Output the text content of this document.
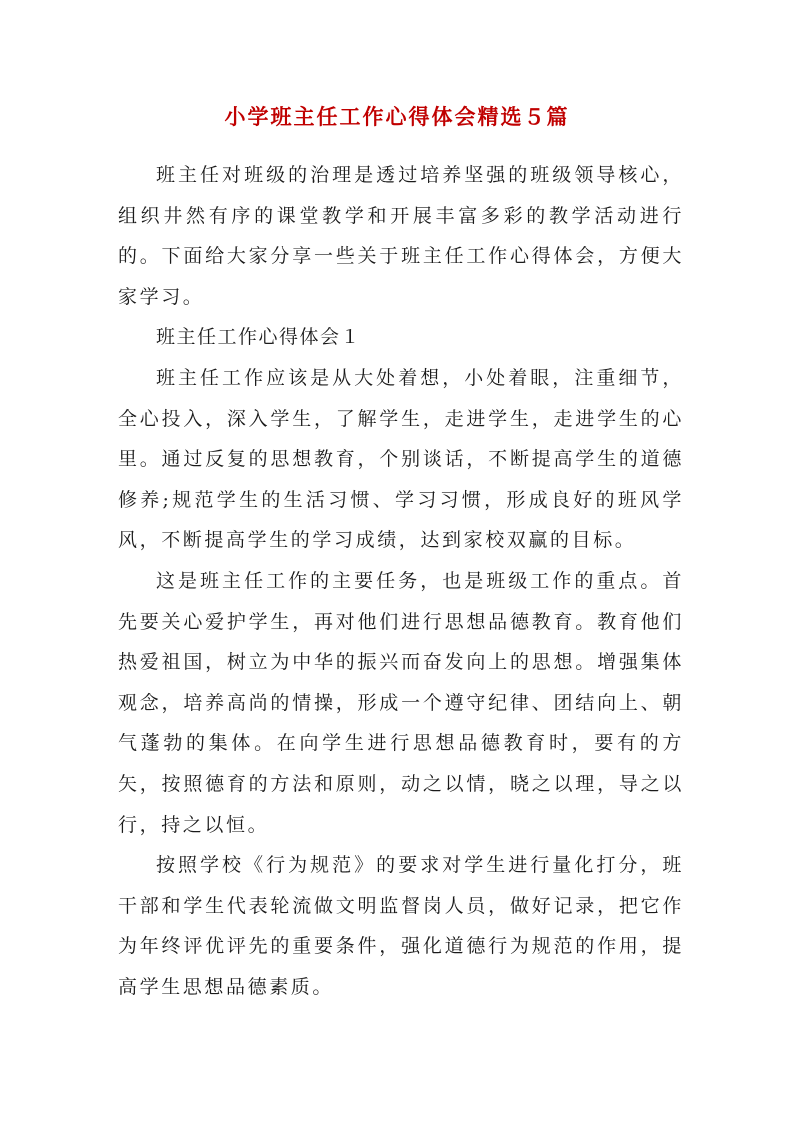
小学班主任工作心得体会精选５篇

班主任对班级的治理是透过培养坚强的班级领导核心，组织井然有序的课堂教学和开展丰富多彩的教学活动进行的。下面给大家分享一些关于班主任工作心得体会，方便大家学习。

班主任工作心得体会１

班主任工作应该是从大处着想，小处着眼，注重细节，全心投入，深入学生，了解学生，走进学生，走进学生的心里。通过反复的思想教育，个别谈话，不断提高学生的道德修养;规范学生的生活习惯、学习习惯，形成良好的班风学风，不断提高学生的学习成绩，达到家校双赢的目标。

这是班主任工作的主要任务，也是班级工作的重点。首先要关心爱护学生，再对他们进行思想品德教育。教育他们热爱祖国，树立为中华的振兴而奋发向上的思想。增强集体观念，培养高尚的情操，形成一个遵守纪律、团结向上、朝气蓬勃的集体。在向学生进行思想品德教育时，要有的方矢，按照德育的方法和原则，动之以情，晓之以理，导之以行，持之以恒。

按照学校《行为规范》的要求对学生进行量化打分，班干部和学生代表轮流做文明监督岗人员，做好记录，把它作为年终评优评先的重要条件，强化道德行为规范的作用，提高学生思想品德素质。
